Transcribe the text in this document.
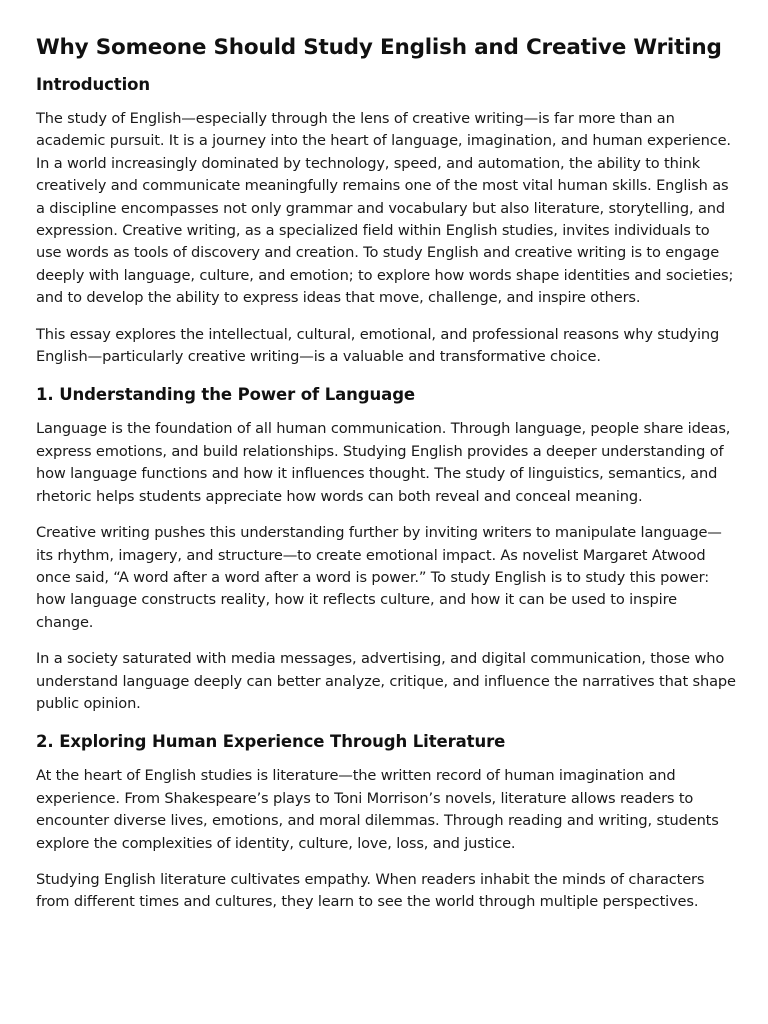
Why Someone Should Study English and Creative Writing
Introduction

The study of English—especially through the lens of creative writing—is far more than an academic pursuit. It is a journey into the heart of language, imagination, and human experience. In a world increasingly dominated by technology, speed, and automation, the ability to think creatively and communicate meaningfully remains one of the most vital human skills. English as a discipline encompasses not only grammar and vocabulary but also literature, storytelling, and expression. Creative writing, as a specialized field within English studies, invites individuals to use words as tools of discovery and creation. To study English and creative writing is to engage deeply with language, culture, and emotion; to explore how words shape identities and societies; and to develop the ability to express ideas that move, challenge, and inspire others.

This essay explores the intellectual, cultural, emotional, and professional reasons why studying English—particularly creative writing—is a valuable and transformative choice.

1. Understanding the Power of Language

Language is the foundation of all human communication. Through language, people share ideas, express emotions, and build relationships. Studying English provides a deeper understanding of how language functions and how it influences thought. The study of linguistics, semantics, and rhetoric helps students appreciate how words can both reveal and conceal meaning.

Creative writing pushes this understanding further by inviting writers to manipulate language—its rhythm, imagery, and structure—to create emotional impact. As novelist Margaret Atwood once said, “A word after a word after a word is power.” To study English is to study this power: how language constructs reality, how it reflects culture, and how it can be used to inspire change.

In a society saturated with media messages, advertising, and digital communication, those who understand language deeply can better analyze, critique, and influence the narratives that shape public opinion.

2. Exploring Human Experience Through Literature

At the heart of English studies is literature—the written record of human imagination and experience. From Shakespeare’s plays to Toni Morrison’s novels, literature allows readers to encounter diverse lives, emotions, and moral dilemmas. Through reading and writing, students explore the complexities of identity, culture, love, loss, and justice.

Studying English literature cultivates empathy. When readers inhabit the minds of characters from different times and cultures, they learn to see the world through multiple perspectives.
